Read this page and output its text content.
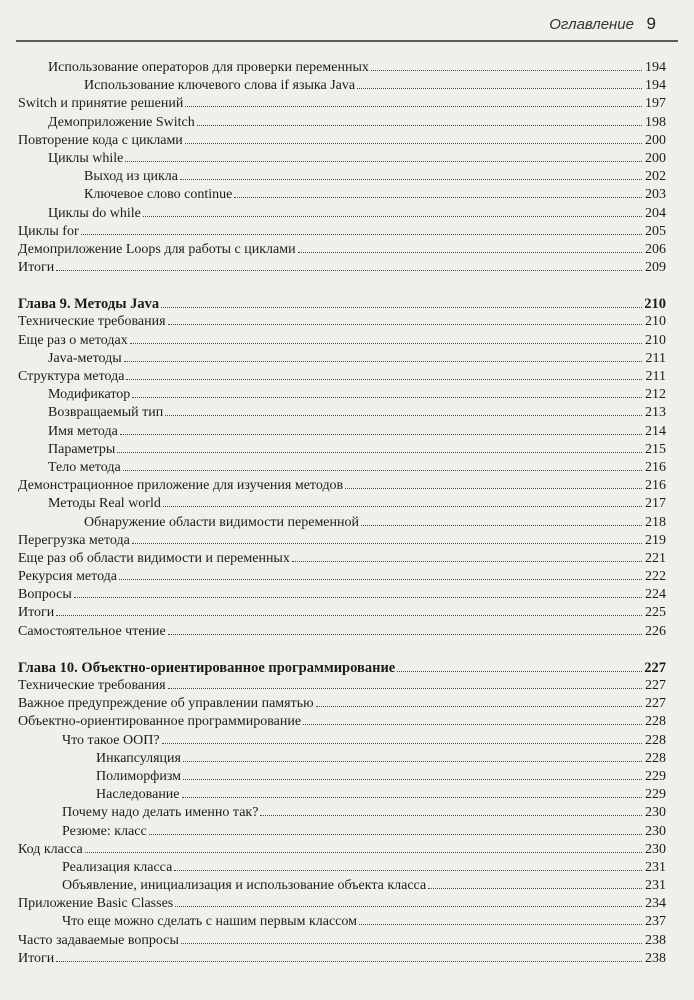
Оглавление 9
Использование операторов для проверки переменных	194
Использование ключевого слова if языка Java	194
Switch и принятие решений	197
Демоприложение Switch	198
Повторение кода с циклами	200
Циклы while	200
Выход из цикла	202
Ключевое слово continue	203
Циклы do while	204
Циклы for	205
Демоприложение Loops для работы с циклами	206
Итоги	209
Глава 9. Методы Java	210
Технические требования	210
Еще раз о методах	210
Java-методы	211
Структура метода	211
Модификатор	212
Возвращаемый тип	213
Имя метода	214
Параметры	215
Тело метода	216
Демонстрационное приложение для изучения методов	216
Методы Real world	217
Обнаружение области видимости переменной	218
Перегрузка метода	219
Еще раз об области видимости и переменных	221
Рекурсия метода	222
Вопросы	224
Итоги	225
Самостоятельное чтение	226
Глава 10. Объектно-ориентированное программирование	227
Технические требования	227
Важное предупреждение об управлении памятью	227
Объектно-ориентированное программирование	228
Что такое ООП?	228
Инкапсуляция	228
Полиморфизм	229
Наследование	229
Почему надо делать именно так?	230
Резюме: класс	230
Код класса	230
Реализация класса	231
Объявление, инициализация и использование объекта класса	231
Приложение Basic Classes	234
Что еще можно сделать с нашим первым классом	237
Часто задаваемые вопросы	238
Итоги	238
